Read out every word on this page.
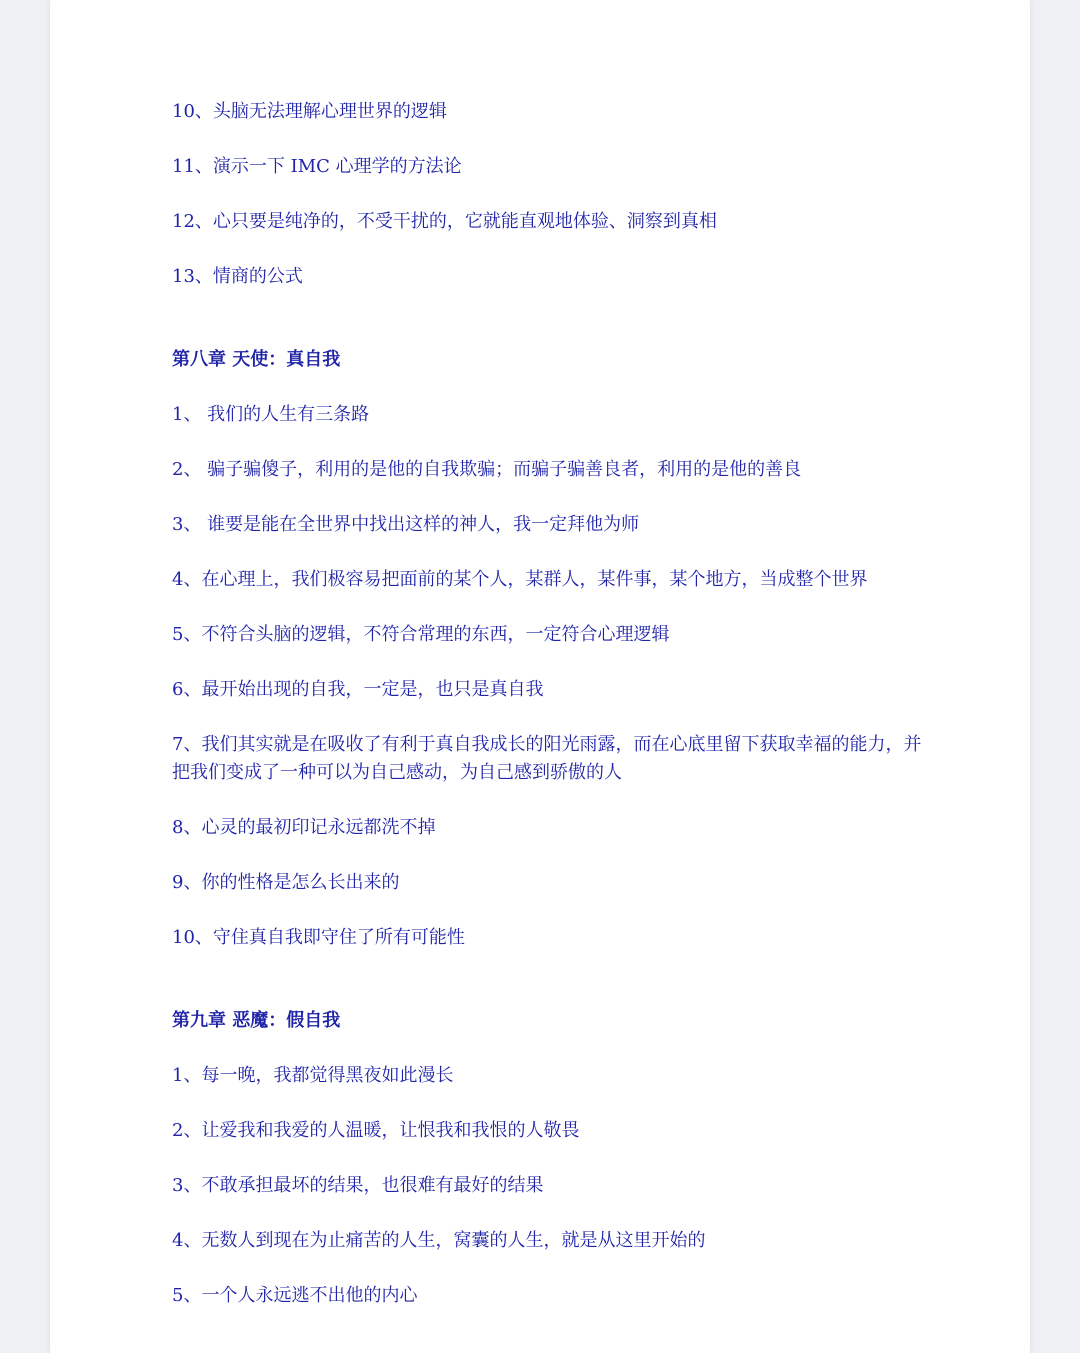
10、头脑无法理解心理世界的逻辑
11、演示一下 IMC 心理学的方法论
12、心只要是纯净的，不受干扰的，它就能直观地体验、洞察到真相
13、情商的公式
第八章 天使：真自我
1、 我们的人生有三条路
2、 骗子骗傻子，利用的是他的自我欺骗；而骗子骗善良者，利用的是他的善良
3、 谁要是能在全世界中找出这样的神人，我一定拜他为师
4、在心理上，我们极容易把面前的某个人，某群人，某件事，某个地方，当成整个世界
5、不符合头脑的逻辑，不符合常理的东西，一定符合心理逻辑
6、最开始出现的自我，一定是，也只是真自我
7、我们其实就是在吸收了有利于真自我成长的阳光雨露，而在心底里留下获取幸福的能力，并把我们变成了一种可以为自己感动，为自己感到骄傲的人
8、心灵的最初印记永远都洗不掉
9、你的性格是怎么长出来的
10、守住真自我即守住了所有可能性
第九章 恶魔：假自我
1、每一晚，我都觉得黑夜如此漫长
2、让爱我和我爱的人温暖，让恨我和我恨的人敬畏
3、不敢承担最坏的结果，也很难有最好的结果
4、无数人到现在为止痛苦的人生，窝囊的人生，就是从这里开始的
5、一个人永远逃不出他的内心
